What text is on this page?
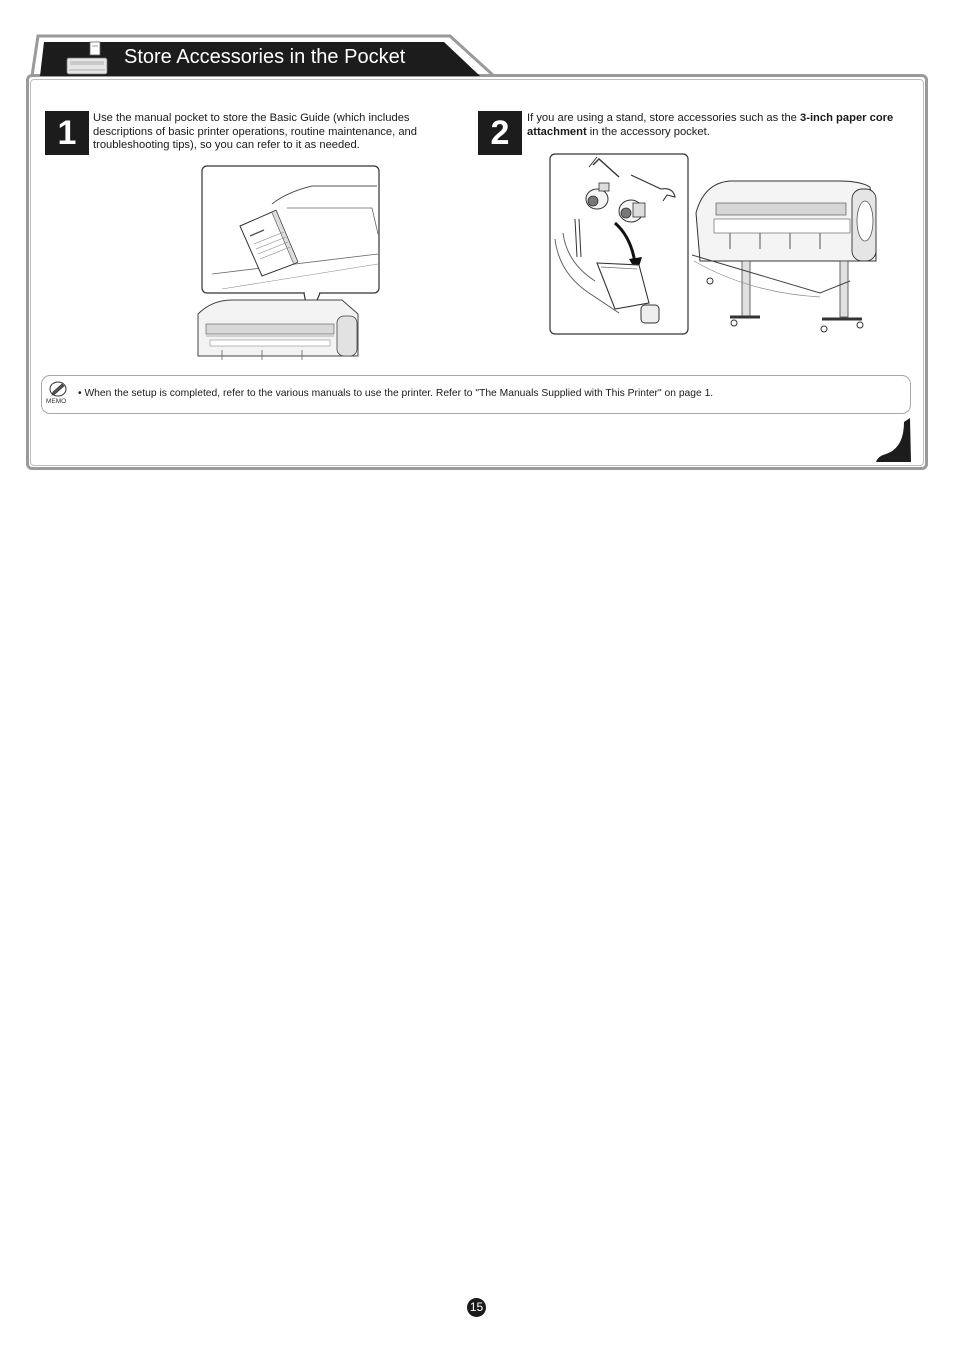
Store Accessories in the Pocket
1	Use the manual pocket to store the Basic Guide (which includes descriptions of basic printer operations, routine maintenance, and troubleshooting tips), so you can refer to it as needed.	2	If you are using a stand, store accessories such as the 3-inch paper core attachment in the accessory pocket.
MEMO
• When the setup is completed, refer to the various manuals to use the printer. Refer to "The Manuals Supplied with This Printer" on page 1.
15
